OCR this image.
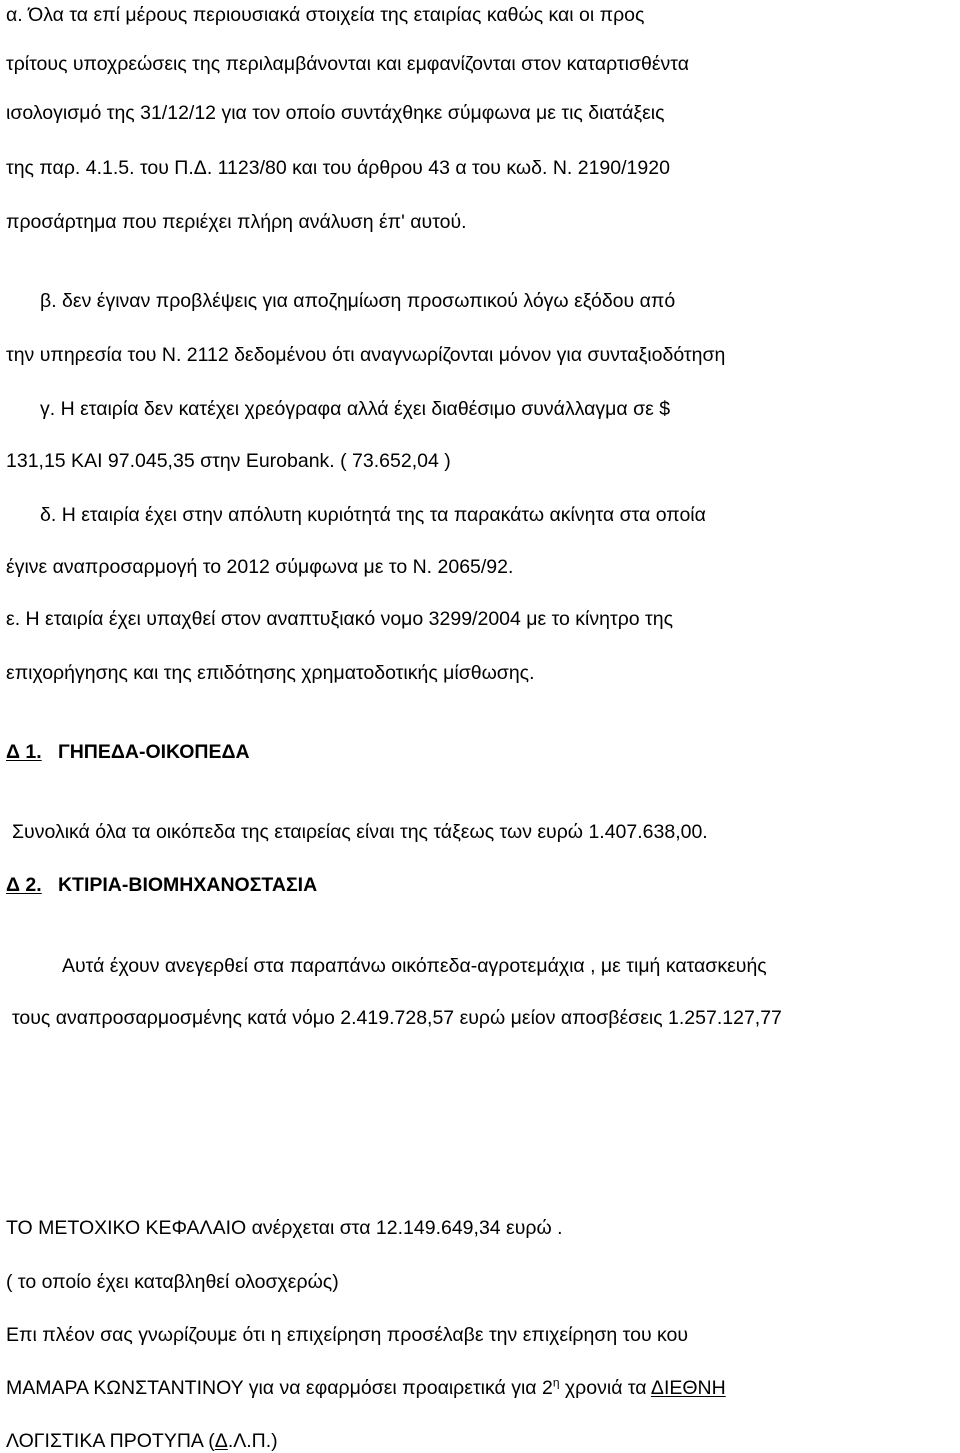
α. Όλα τα επί μέρους περιουσιακά στοιχεία της εταιρίας καθώς και οι προς

τρίτους υποχρεώσεις της περιλαμβάνονται και εμφανίζονται στον καταρτισθέντα

ισολογισμό της 31/12/12 για τον οποίο συντάχθηκε σύμφωνα με τις διατάξεις

της παρ. 4.1.5. του Π.Δ. 1123/80 και του άρθρου 43 α του κωδ. Ν. 2190/1920

προσάρτημα που περιέχει πλήρη ανάλυση έπ' αυτού.

β. δεν έγιναν προβλέψεις για αποζημίωση προσωπικού λόγω εξόδου από

την υπηρεσία του Ν. 2112 δεδομένου ότι αναγνωρίζονται μόνον για συνταξιοδότηση

γ. Η εταιρία δεν κατέχει χρεόγραφα αλλά έχει διαθέσιμο συνάλλαγμα σε $

131,15 ΚΑΙ 97.045,35 στην Eurobank. ( 73.652,04 )

δ. Η εταιρία έχει στην απόλυτη κυριότητά της τα παρακάτω ακίνητα στα οποία

έγινε αναπροσαρμογή το 2012 σύμφωνα με το Ν. 2065/92.

ε. Η εταιρία έχει υπαχθεί στον αναπτυξιακό νομο 3299/2004 με το κίνητρο της

επιχορήγησης και της επιδότησης χρηματοδοτικής μίσθωσης.

Δ 1. ΓΗΠΕΔΑ-ΟΙΚΟΠΕΔΑ

Συνολικά όλα τα οικόπεδα της εταιρείας είναι της τάξεως των ευρώ 1.407.638,00.

Δ 2. ΚΤΙΡΙΑ-ΒΙΟΜΗΧΑΝΟΣΤΑΣΙΑ

Αυτά έχουν ανεγερθεί στα παραπάνω οικόπεδα-αγροτεμάχια , με τιμή κατασκευής

τους αναπροσαρμοσμένης κατά νόμο 2.419.728,57 ευρώ μείον αποσβέσεις 1.257.127,77

ΤΟ ΜΕΤΟΧΙΚΟ ΚΕΦΑΛΑΙΟ ανέρχεται στα 12.149.649,34 ευρώ .

( το οποίο έχει καταβληθεί ολοσχερώς)

Επι πλέον σας γνωρίζουμε ότι η επιχείρηση προσέλαβε την επιχείρηση του κου

ΜΑΜΑΡΑ ΚΩΝΣΤΑΝΤΙΝΟΥ για να εφαρμόσει προαιρετικά για $2^\eta$ χρονιά τα ΔΙΕΘΝΗ

ΛΟΓΙΣΤΙΚΑ ΠΡΟΤΥΠΑ (Δ.Λ.Π.)
